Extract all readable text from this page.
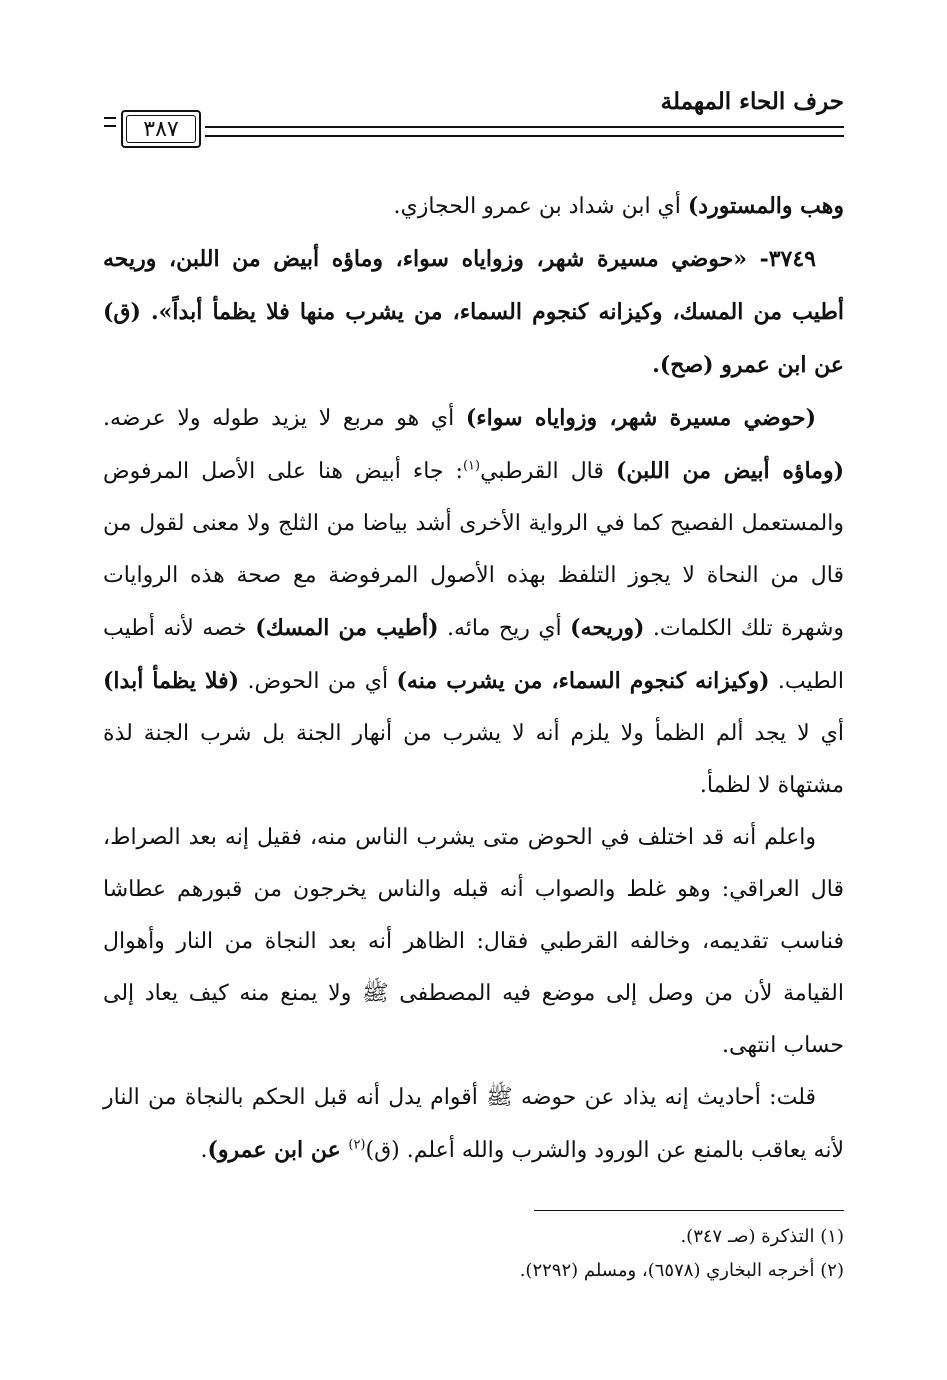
حرف الحاء المهملة
٣٨٧

وهب والمستورد) أي ابن شداد بن عمرو الحجازي.

٣٧٤٩- «حوضي مسيرة شهر، وزواياه سواء، وماؤه أبيض من اللبن، وريحه أطيب من المسك، وكيزانه كنجوم السماء، من يشرب منها فلا يظمأ أبداً». (ق) عن ابن عمرو (صح).

(حوضي مسيرة شهر، وزواياه سواء) أي هو مربع لا يزيد طوله ولا عرضه. (وماؤه أبيض من اللبن) قال القرطبي$^{(١)}$: جاء أبيض هنا على الأصل المرفوض والمستعمل الفصيح كما في الرواية الأخرى أشد بياضا من الثلج ولا معنى لقول من قال من النحاة لا يجوز التلفظ بهذه الأصول المرفوضة مع صحة هذه الروايات وشهرة تلك الكلمات. (وريحه) أي ريح مائه. (أطيب من المسك) خصه لأنه أطيب الطيب. (وكيزانه كنجوم السماء، من يشرب منه) أي من الحوض. (فلا يظمأ أبدا) أي لا يجد ألم الظمأ ولا يلزم أنه لا يشرب من أنهار الجنة بل شرب الجنة لذة مشتهاة لا لظمأ.

واعلم أنه قد اختلف في الحوض متى يشرب الناس منه، فقيل إنه بعد الصراط، قال العراقي: وهو غلط والصواب أنه قبله والناس يخرجون من قبورهم عطاشا فناسب تقديمه، وخالفه القرطبي فقال: الظاهر أنه بعد النجاة من النار وأهوال القيامة لأن من وصل إلى موضع فيه المصطفى ﷺ ولا يمنع منه كيف يعاد إلى حساب انتهى.

قلت: أحاديث إنه يذاد عن حوضه ﷺ أقوام يدل أنه قبل الحكم بالنجاة من النار لأنه يعاقب بالمنع عن الورود والشرب والله أعلم. (ق)$^{(٢)}$ عن ابن عمرو).

(١) التذكرة (صـ ٣٤٧).

(٢) أخرجه البخاري (٦٥٧٨)، ومسلم (٢٢٩٢).
